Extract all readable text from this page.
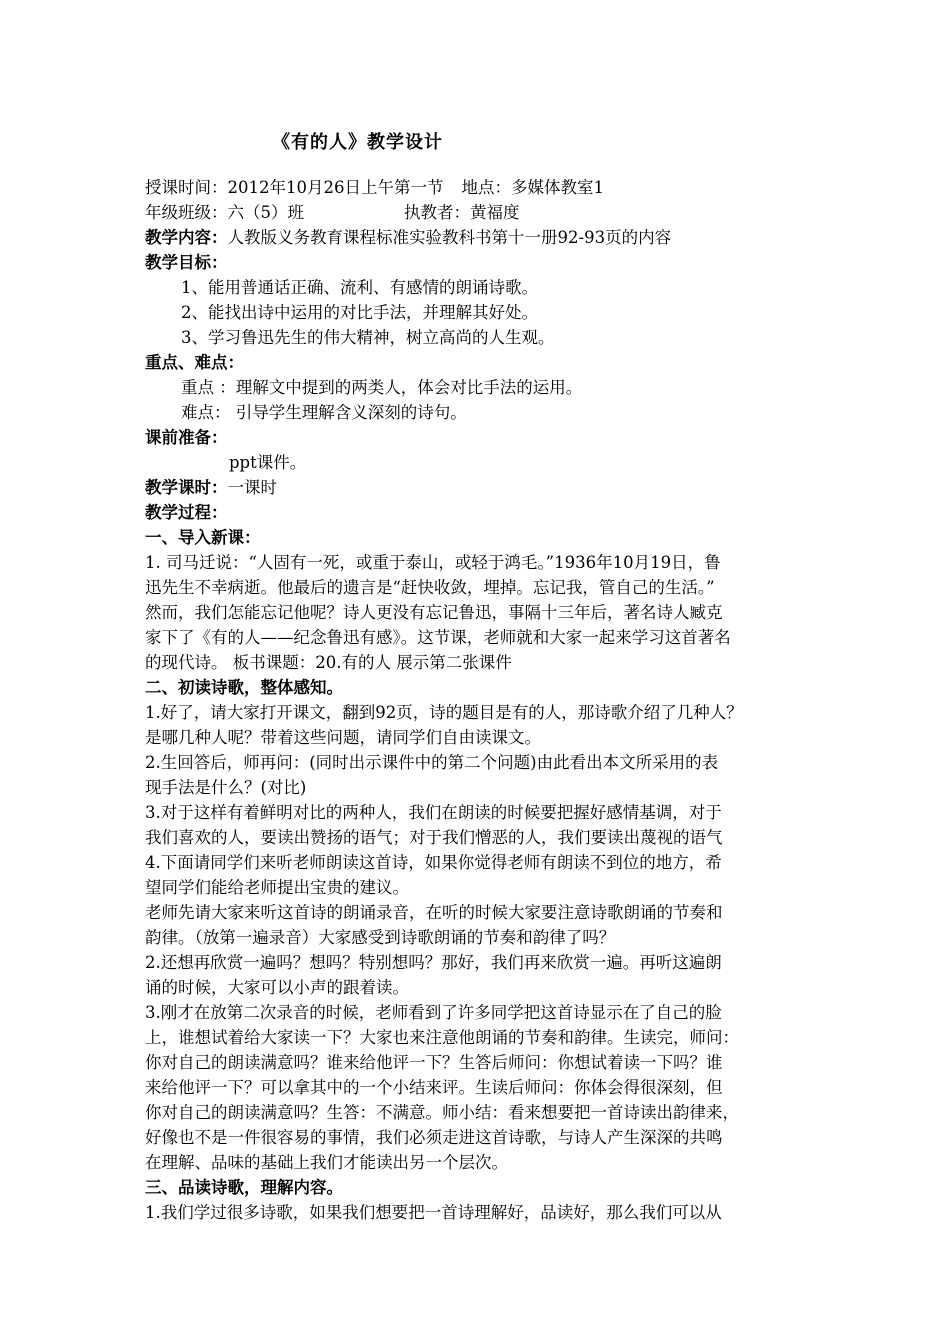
《有的人》教学设计
授课时间：2012年10月26日上午第一节 地点：多媒体教室1
年级班级：六（5）班	执教者：黄福度
教学内容：人教版义务教育课程标准实验教科书第十一册92-93页的内容
教学目标：
1、能用普通话正确、流利、有感情的朗诵诗歌。
2、能找出诗中运用的对比手法，并理解其好处。
3、学习鲁迅先生的伟大精神，树立高尚的人生观。
重点、难点：
重点 ：理解文中提到的两类人，体会对比手法的运用。
难点： 引导学生理解含义深刻的诗句。
课前准备：
ppt课件。
教学课时：一课时
教学过程：
一、导入新课：
1. 司马迁说：“人固有一死，或重于泰山，或轻于鸿毛。”1936年10月19日，鲁
迅先生不幸病逝。他最后的遗言是“赶快收敛，埋掉。忘记我，管自己的生活。”
然而，我们怎能忘记他呢？诗人更没有忘记鲁迅，事隔十三年后，著名诗人臧克
家下了《有的人——纪念鲁迅有感》。这节课，老师就和大家一起来学习这首著名
的现代诗。 板书课题：20.有的人 展示第二张课件
二、初读诗歌，整体感知。
1.好了，请大家打开课文，翻到92页，诗的题目是有的人，那诗歌介绍了几种人？
是哪几种人呢？带着这些问题，请同学们自由读课文。
2.生回答后，师再问：(同时出示课件中的第二个问题)由此看出本文所采用的表
现手法是什么？(对比)
3.对于这样有着鲜明对比的两种人，我们在朗读的时候要把握好感情基调，对于
我们喜欢的人，要读出赞扬的语气；对于我们憎恶的人，我们要读出蔑视的语气
4.下面请同学们来听老师朗读这首诗，如果你觉得老师有朗读不到位的地方，希
望同学们能给老师提出宝贵的建议。
老师先请大家来听这首诗的朗诵录音，在听的时候大家要注意诗歌朗诵的节奏和
韵律。（放第一遍录音）大家感受到诗歌朗诵的节奏和韵律了吗？
2.还想再欣赏一遍吗？想吗？特别想吗？那好，我们再来欣赏一遍。再听这遍朗
诵的时候，大家可以小声的跟着读。
3.刚才在放第二次录音的时候，老师看到了许多同学把这首诗显示在了自己的脸
上，谁想试着给大家读一下？大家也来注意他朗诵的节奏和韵律。生读完，师问：
你对自己的朗读满意吗？谁来给他评一下？生答后师问：你想试着读一下吗？谁
来给他评一下？可以拿其中的一个小结来评。生读后师问：你体会得很深刻，但
你对自己的朗读满意吗？生答：不满意。师小结：看来想要把一首诗读出韵律来，
好像也不是一件很容易的事情，我们必须走进这首诗歌，与诗人产生深深的共鸣
在理解、品味的基础上我们才能读出另一个层次。
三、品读诗歌，理解内容。
1.我们学过很多诗歌，如果我们想要把一首诗理解好，品读好，那么我们可以从
